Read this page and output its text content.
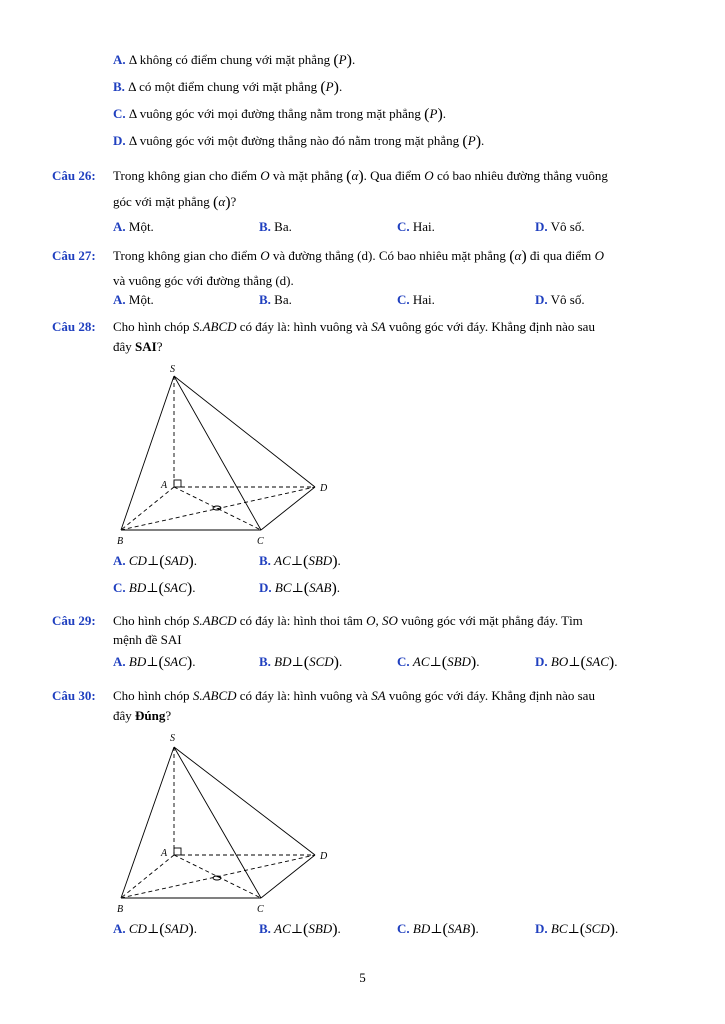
A. Δ không có điểm chung với mặt phẳng (P).
B. Δ có một điểm chung với mặt phẳng (P).
C. Δ vuông góc với mọi đường thẳng nằm trong mặt phẳng (P).
D. Δ vuông góc với một đường thẳng nào đó nằm trong mặt phẳng (P).
Câu 26: Trong không gian cho điểm O và mặt phẳng (α). Qua điểm O có bao nhiêu đường thẳng vuông
góc với mặt phẳng (α)?
A. Một.	B. Ba.	C. Hai.	D. Vô số.
Câu 27: Trong không gian cho điểm O và đường thẳng (d). Có bao nhiêu mặt phẳng (α) đi qua điểm O
và vuông góc với đường thẳng (d).
A. Một.	B. Ba.	C. Hai.	D. Vô số.
Câu 28: Cho hình chóp S.ABCD có đáy là: hình vuông và SA vuông góc với đáy. Khẳng định nào sau
đây SAI?
S
A	D
B	C
A. CD⊥(SAD).	B. AC⊥(SBD).
C. BD⊥(SAC).	D. BC⊥(SAB).
Câu 29: Cho hình chóp S.ABCD có đáy là: hình thoi tâm O, SO vuông góc với mặt phẳng đáy. Tìm
mệnh đề SAI
A. BD⊥(SAC).	B. BD⊥(SCD).	C. AC⊥(SBD).	D. BO⊥(SAC).
Câu 30: Cho hình chóp S.ABCD có đáy là: hình vuông và SA vuông góc với đáy. Khẳng định nào sau
đây Đúng?
S
A	D
B	C
A. CD⊥(SAD).	B. AC⊥(SBD).	C. BD⊥(SAB).	D. BC⊥(SCD).
5
